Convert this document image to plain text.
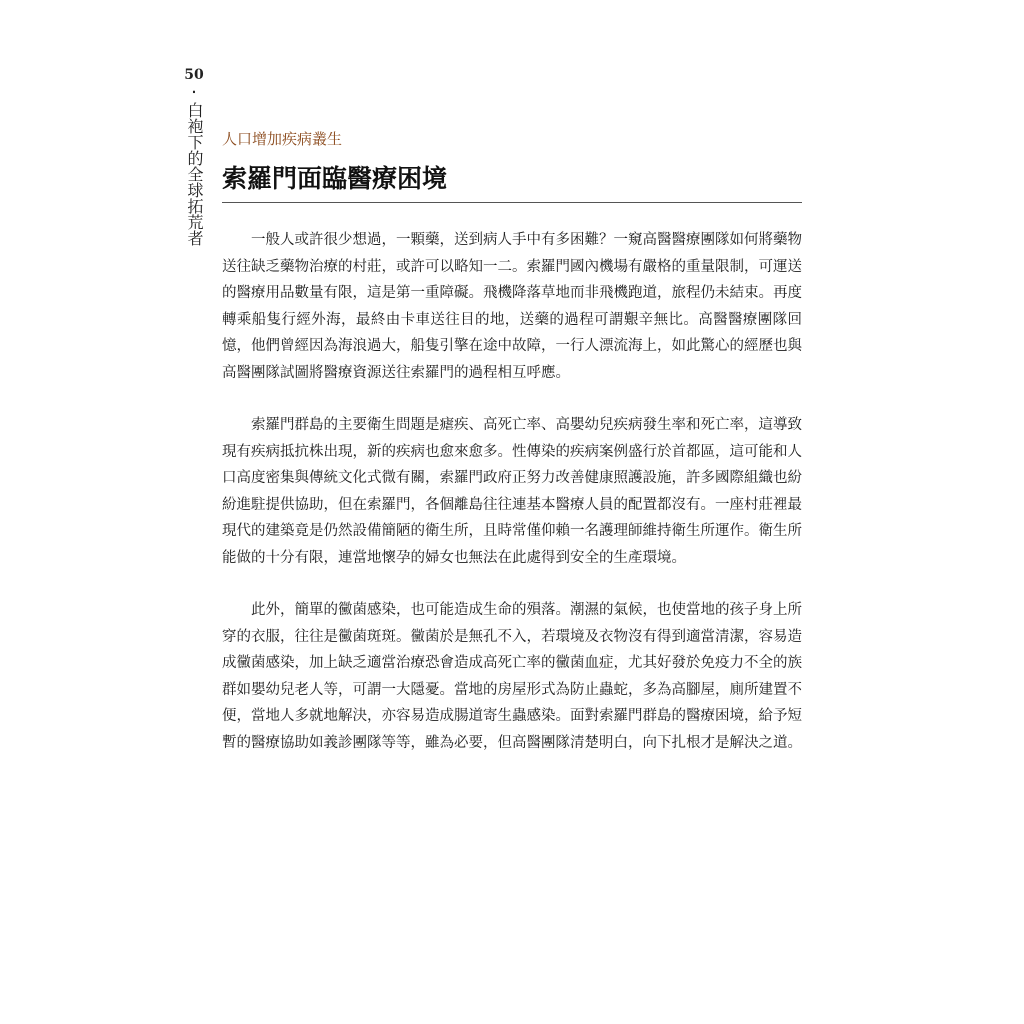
50
‧
白袍下的全球拓荒者 人口增加疾病叢生
索羅門面臨醫療困境

一般人或許很少想過，一顆藥，送到病人手中有多困難？一窺高醫醫療團隊如何將藥物送往缺乏藥物治療的村莊，或許可以略知一二。索羅門國內機場有嚴格的重量限制，可運送的醫療用品數量有限，這是第一重障礙。飛機降落草地而非飛機跑道，旅程仍未結束。再度轉乘船隻行經外海，最終由卡車送往目的地，送藥的過程可謂艱辛無比。高醫醫療團隊回憶，他們曾經因為海浪過大，船隻引擎在途中故障，一行人漂流海上，如此驚心的經歷也與高醫團隊試圖將醫療資源送往索羅門的過程相互呼應。

索羅門群島的主要衛生問題是瘧疾、高死亡率、高嬰幼兒疾病發生率和死亡率，這導致現有疾病抵抗株出現，新的疾病也愈來愈多。性傳染的疾病案例盛行於首都區，這可能和人口高度密集與傳統文化式微有關，索羅門政府正努力改善健康照護設施，許多國際組織也紛紛進駐提供協助，但在索羅門，各個離島往往連基本醫療人員的配置都沒有。一座村莊裡最現代的建築竟是仍然設備簡陋的衛生所，且時常僅仰賴一名護理師維持衛生所運作。衛生所能做的十分有限，連當地懷孕的婦女也無法在此處得到安全的生產環境。

此外，簡單的黴菌感染，也可能造成生命的殞落。潮濕的氣候，也使當地的孩子身上所穿的衣服，往往是黴菌斑斑。黴菌於是無孔不入，若環境及衣物沒有得到適當清潔，容易造成黴菌感染，加上缺乏適當治療恐會造成高死亡率的黴菌血症，尤其好發於免疫力不全的族群如嬰幼兒老人等，可謂一大隱憂。當地的房屋形式為防止蟲蛇，多為高腳屋，廁所建置不便，當地人多就地解決，亦容易造成腸道寄生蟲感染。面對索羅門群島的醫療困境，給予短暫的醫療協助如義診團隊等等，雖為必要，但高醫團隊清楚明白，向下扎根才是解決之道。
